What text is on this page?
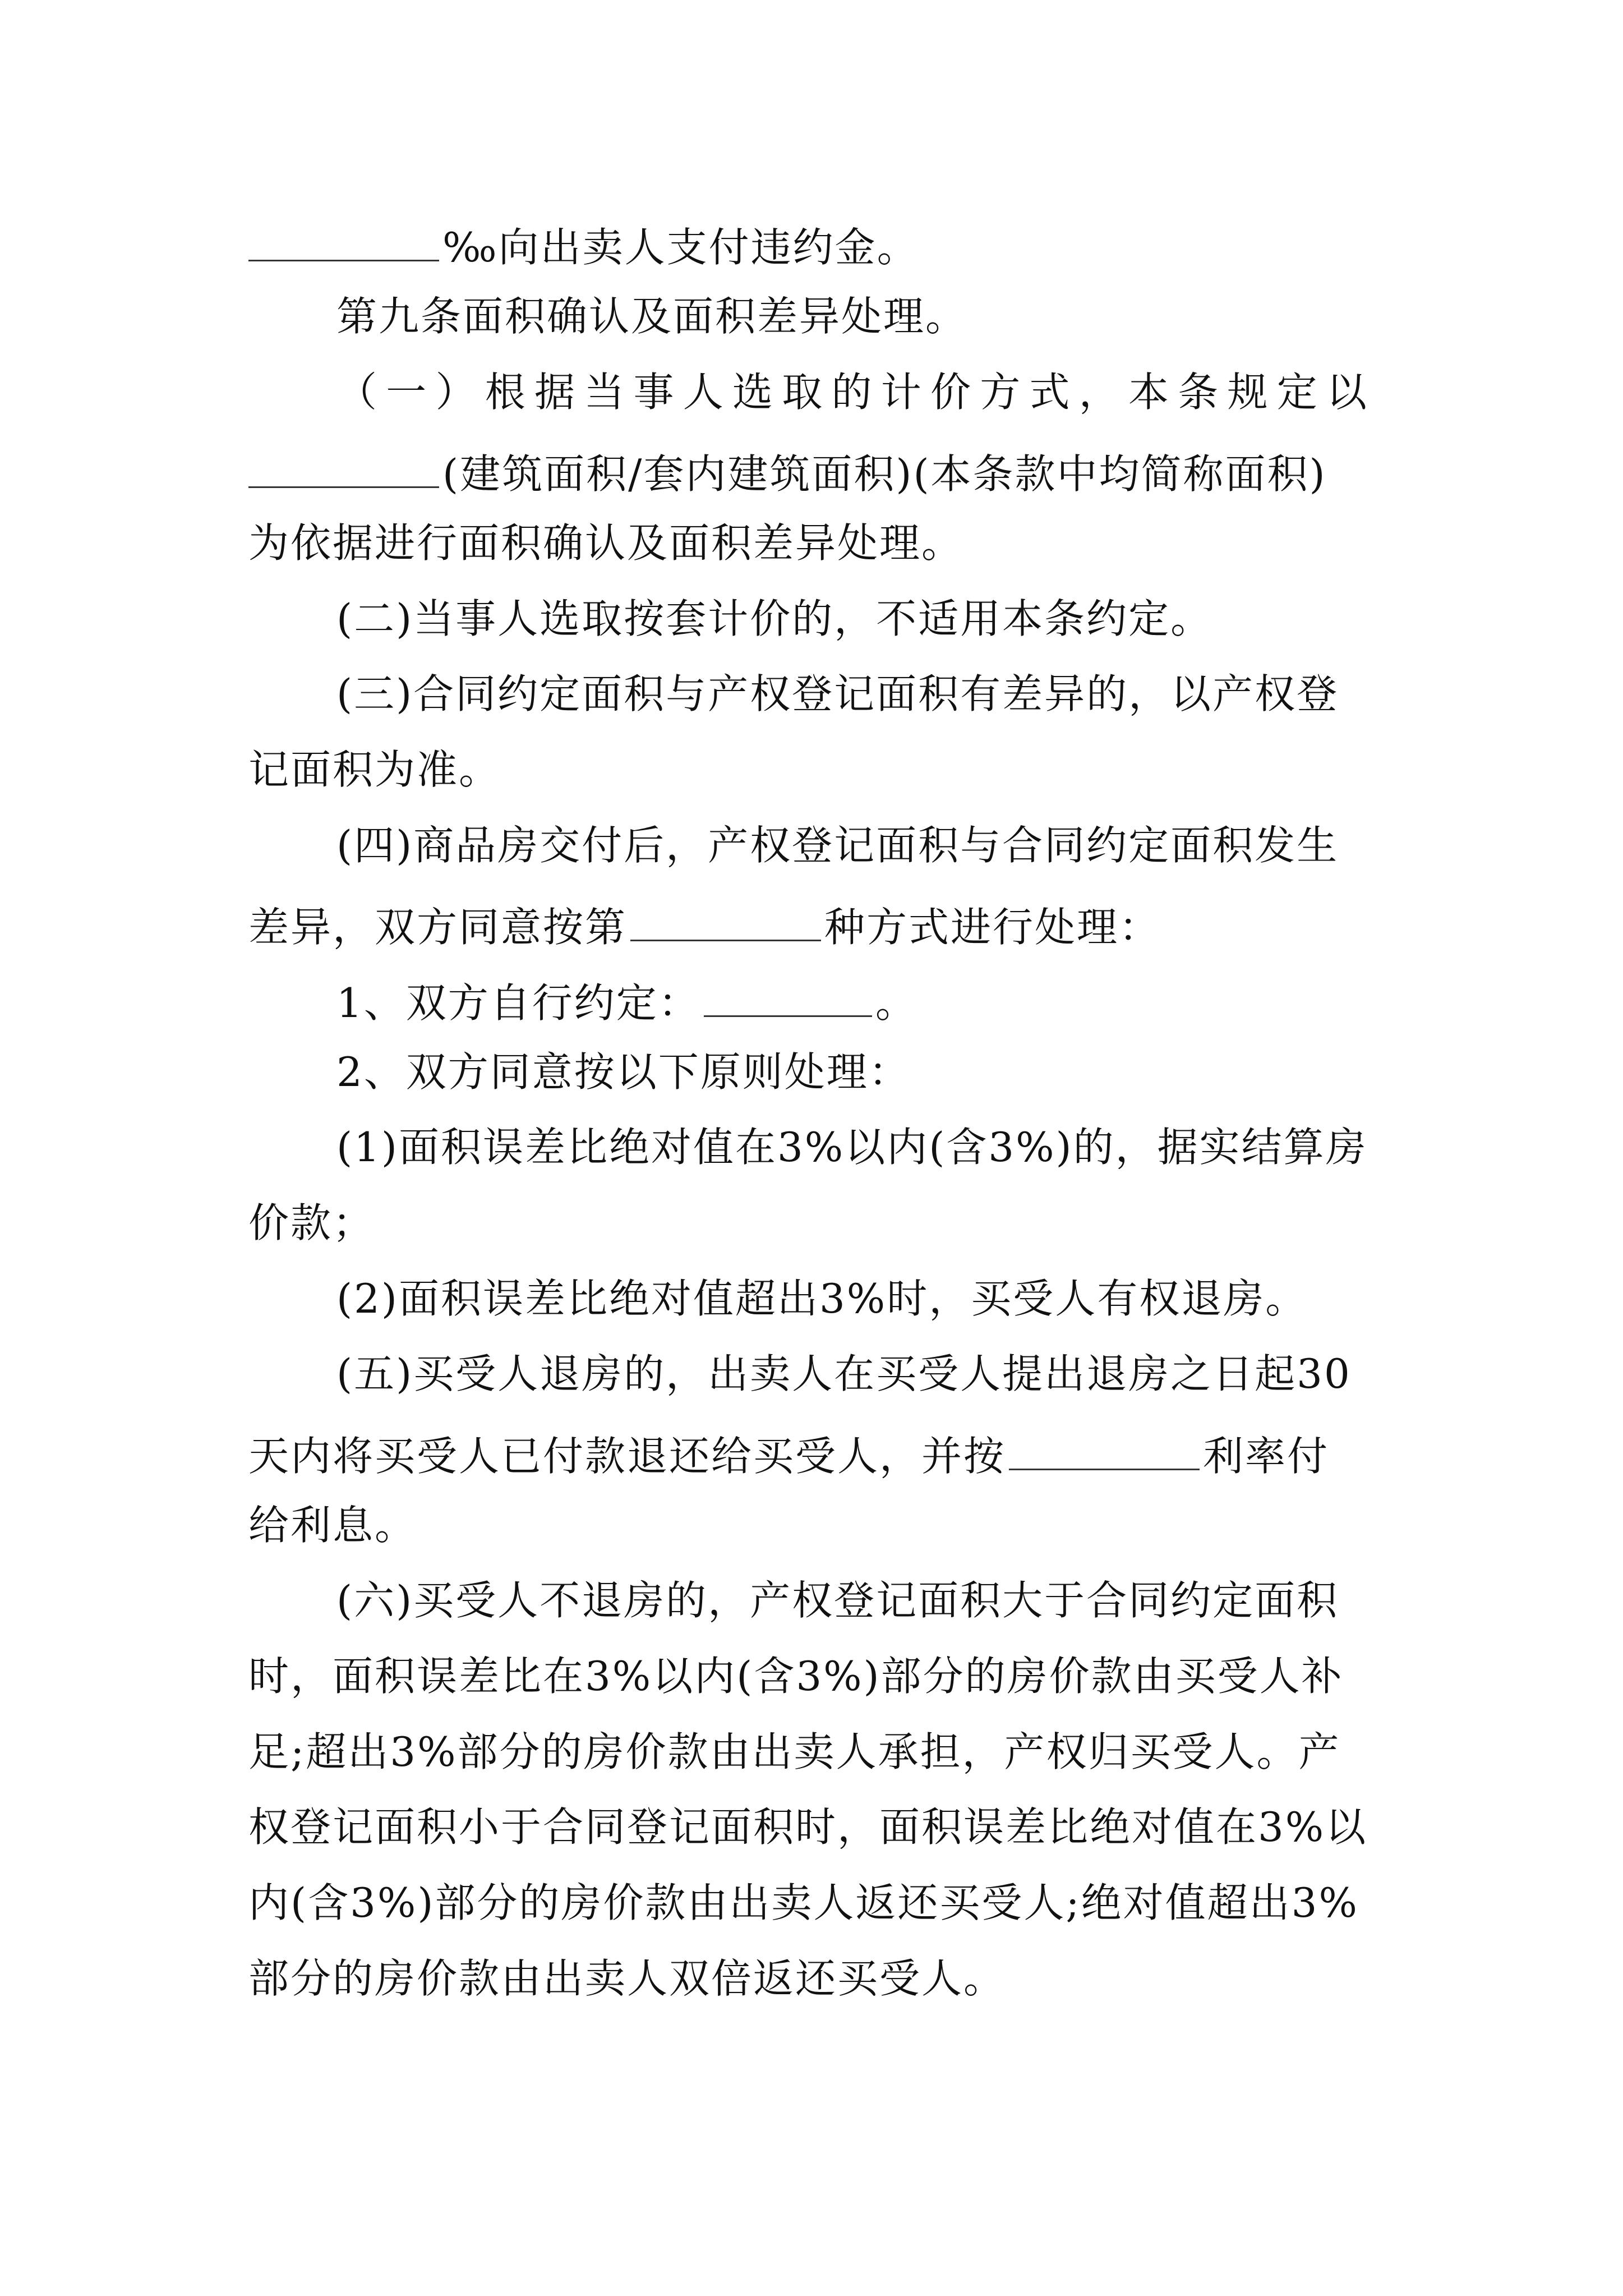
‰向出卖人支付违约金。
第九条面积确认及面积差异处理。
（一）根据当事人选取的计价方式，本条规定以
(建筑面积/套内建筑面积)(本条款中均简称面积)
为依据进行面积确认及面积差异处理。
(二)当事人选取按套计价的，不适用本条约定。
(三)合同约定面积与产权登记面积有差异的，以产权登
记面积为准。
(四)商品房交付后，产权登记面积与合同约定面积发生
差异，双方同意按第	种方式进行处理：
1、双方自行约定：	。
2、双方同意按以下原则处理：
(1)面积误差比绝对值在3%以内(含3%)的，据实结算房
价款；
(2)面积误差比绝对值超出3%时，买受人有权退房。
(五)买受人退房的，出卖人在买受人提出退房之日起30
天内将买受人已付款退还给买受人，并按	利率付
给利息。
(六)买受人不退房的，产权登记面积大于合同约定面积
时，面积误差比在3%以内(含3%)部分的房价款由买受人补
足;超出3%部分的房价款由出卖人承担，产权归买受人。产
权登记面积小于合同登记面积时，面积误差比绝对值在3%以
内(含3%)部分的房价款由出卖人返还买受人;绝对值超出3%
部分的房价款由出卖人双倍返还买受人。
